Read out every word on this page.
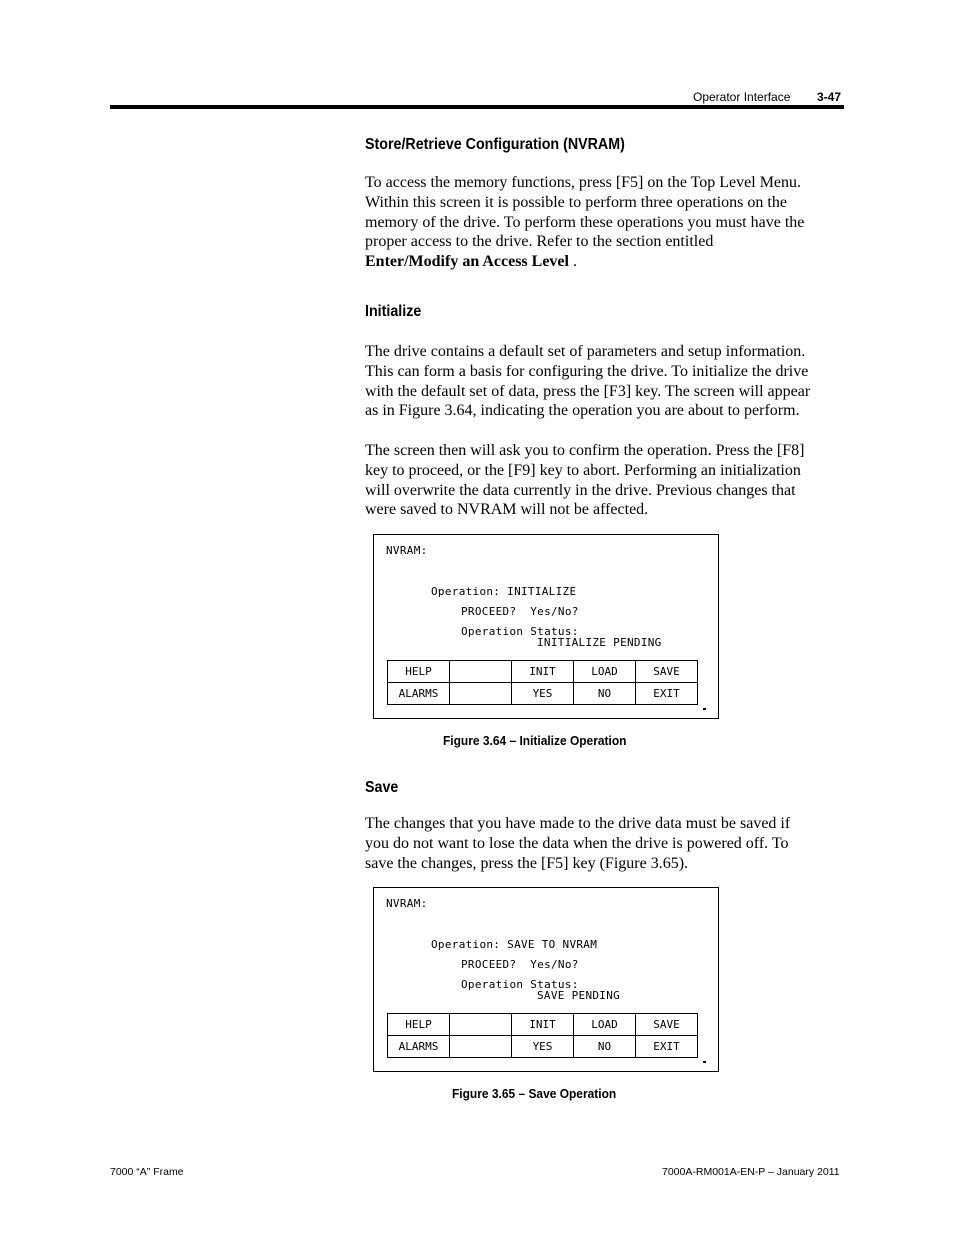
Operator Interface 3-47
Store/Retrieve Configuration (NVRAM)
To access the memory functions, press [F5] on the Top Level Menu.
Within this screen it is possible to perform three operations on the
memory of the drive. To perform these operations you must have the
proper access to the drive. Refer to the section entitled
Enter/Modify an Access Level .
Initialize
The drive contains a default set of parameters and setup information.
This can form a basis for configuring the drive. To initialize the drive
with the default set of data, press the [F3] key. The screen will appear
as in Figure 3.64, indicating the operation you are about to perform.
The screen then will ask you to confirm the operation. Press the [F8]
key to proceed, or the [F9] key to abort. Performing an initialization
will overwrite the data currently in the drive. Previous changes that
were saved to NVRAM will not be affected.
NVRAM:
Operation: INITIALIZE
PROCEED?  Yes/No?
Operation Status:
INITIALIZE PENDING
HELP		INIT	LOAD	SAVE
ALARMS		YES	NO	EXIT
Figure 3.64 – Initialize Operation
Save
The changes that you have made to the drive data must be saved if
you do not want to lose the data when the drive is powered off. To
save the changes, press the [F5] key (Figure 3.65).
NVRAM:
Operation: SAVE TO NVRAM
PROCEED?  Yes/No?
Operation Status:
SAVE PENDING
HELP		INIT	LOAD	SAVE
ALARMS		YES	NO	EXIT
Figure 3.65 – Save Operation
7000 “A” Frame	7000A-RM001A-EN-P – January 2011
